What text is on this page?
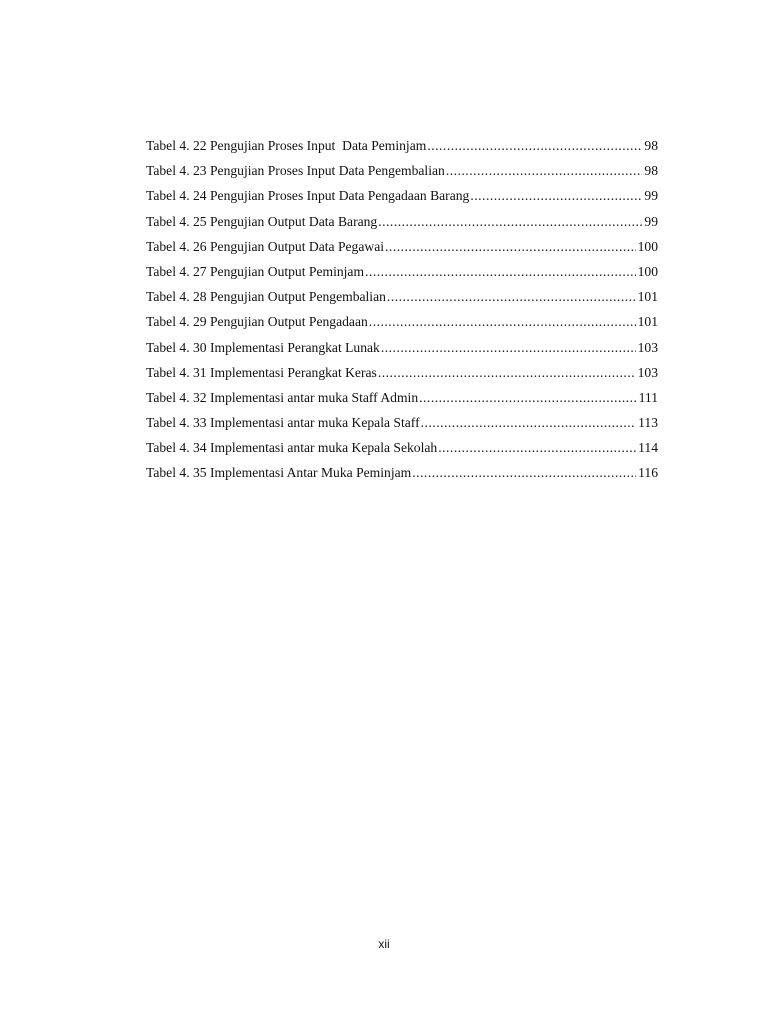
Tabel 4. 22 Pengujian Proses Input  Data Peminjam .....	98
Tabel 4. 23 Pengujian Proses Input Data Pengembalian .....	98
Tabel 4. 24 Pengujian Proses Input Data Pengadaan Barang .....	99
Tabel 4. 25 Pengujian Output Data Barang .....	99
Tabel 4. 26 Pengujian Output Data Pegawai .....	100
Tabel 4. 27 Pengujian Output Peminjam .....	100
Tabel 4. 28 Pengujian Output Pengembalian .....	101
Tabel 4. 29 Pengujian Output Pengadaan .....	101
Tabel 4. 30 Implementasi Perangkat Lunak .....	103
Tabel 4. 31 Implementasi Perangkat Keras .....	103
Tabel 4. 32 Implementasi antar muka Staff Admin .....	111
Tabel 4. 33 Implementasi antar muka Kepala Staff .....	113
Tabel 4. 34 Implementasi antar muka Kepala Sekolah .....	114
Tabel 4. 35 Implementasi Antar Muka Peminjam .....	116
xii
